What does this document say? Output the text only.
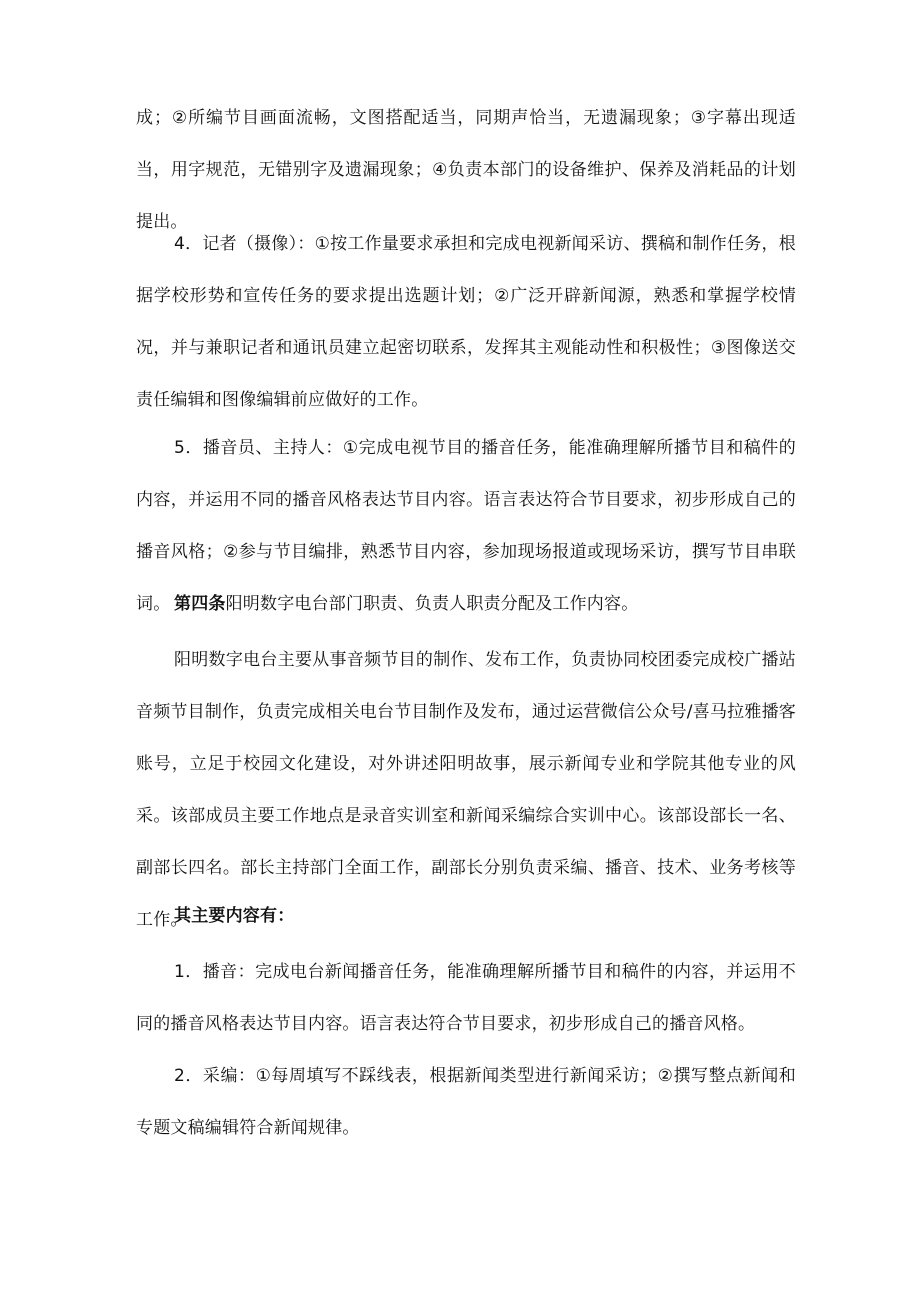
成；②所编节目画面流畅，文图搭配适当，同期声恰当，无遗漏现象；③字幕出现适当，用字规范，无错别字及遗漏现象；④负责本部门的设备维护、保养及消耗品的计划提出。

4．记者（摄像）：①按工作量要求承担和完成电视新闻采访、撰稿和制作任务，根据学校形势和宣传任务的要求提出选题计划；②广泛开辟新闻源，熟悉和掌握学校情况，并与兼职记者和通讯员建立起密切联系，发挥其主观能动性和积极性；③图像送交责任编辑和图像编辑前应做好的工作。

5．播音员、主持人：①完成电视节目的播音任务，能准确理解所播节目和稿件的内容，并运用不同的播音风格表达节目内容。语言表达符合节目要求，初步形成自己的播音风格；②参与节目编排，熟悉节目内容，参加现场报道或现场采访，撰写节目串联词。 第四条阳明数字电台部门职责、负责人职责分配及工作内容。

阳明数字电台主要从事音频节目的制作、发布工作，负责协同校团委完成校广播站音频节目制作，负责完成相关电台节目制作及发布，通过运营微信公众号/喜马拉雅播客账号，立足于校园文化建设，对外讲述阳明故事，展示新闻专业和学院其他专业的风采。该部成员主要工作地点是录音实训室和新闻采编综合实训中心。该部设部长一名、副部长四名。部长主持部门全面工作，副部长分别负责采编、播音、技术、业务考核等工作。

其主要内容有：

1．播音：完成电台新闻播音任务，能准确理解所播节目和稿件的内容，并运用不同的播音风格表达节目内容。语言表达符合节目要求，初步形成自己的播音风格。

2．采编：①每周填写不踩线表，根据新闻类型进行新闻采访；②撰写整点新闻和专题文稿编辑符合新闻规律。
